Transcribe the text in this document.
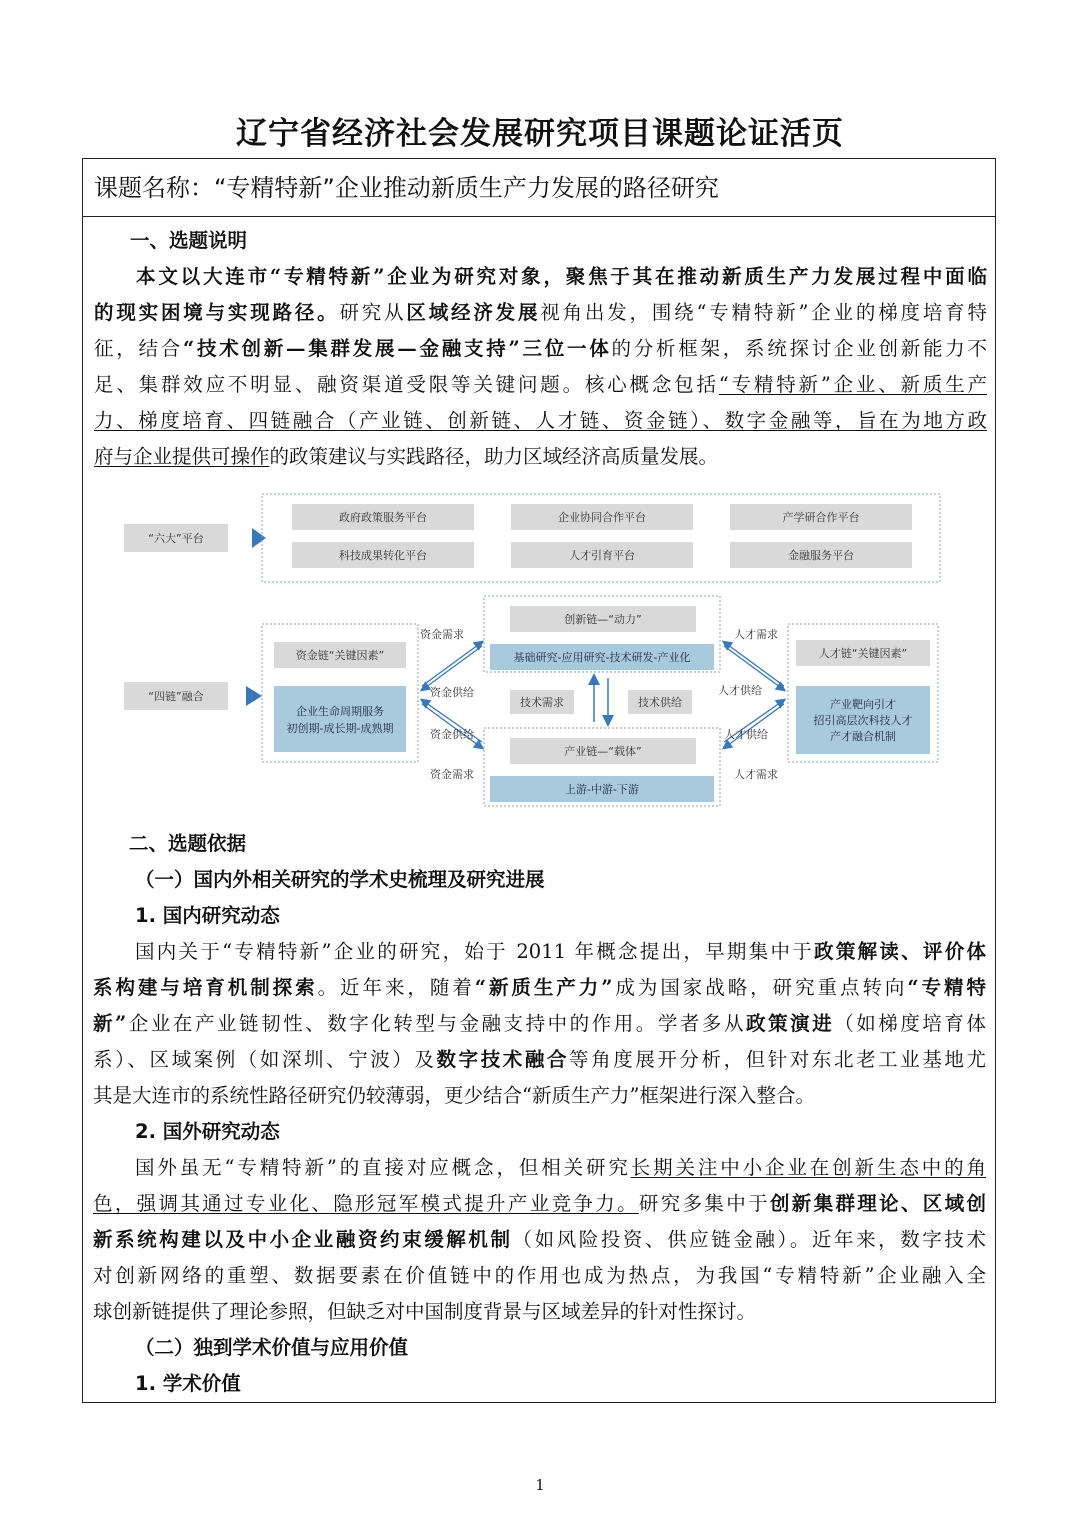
辽宁省经济社会发展研究项目课题论证活页
课题名称：“专精特新”企业推动新质生产力发展的路径研究
一、选题说明
本文以大连市“专精特新”企业为研究对象，聚焦于其在推动新质生产力发展过程中面临
的现实困境与实现路径。研究从区域经济发展视角出发，围绕“专精特新”企业的梯度培育特
征，结合“技术创新—集群发展—金融支持”三位一体的分析框架，系统探讨企业创新能力不
足、集群效应不明显、融资渠道受限等关键问题。核心概念包括“专精特新”企业、新质生产
力、梯度培育、四链融合（产业链、创新链、人才链、资金链）、数字金融等，旨在为地方政
府与企业提供可操作的政策建议与实践路径，助力区域经济高质量发展。
“六大”平台
政府政策服务平台	企业协同合作平台	产学研合作平台
科技成果转化平台	人才引育平台	金融服务平台
“四链”融合
资金链“关键因素”
企业生命周期服务
初创期-成长期-成熟期
创新链—“动力”
基础研究-应用研究-技术研发-产业化
技术需求	技术供给
产业链—“载体”
上游-中游-下游
人才链“关键因素”
产业靶向引才
招引高层次科技人才
产才融合机制
资金需求
资金供给
资金供给
资金需求
人才需求
人才供给
人才供给
人才需求
二、选题依据
（一）国内外相关研究的学术史梳理及研究进展
1. 国内研究动态
国内关于“专精特新”企业的研究，始于 2011 年概念提出，早期集中于政策解读、评价体
系构建与培育机制探索。近年来，随着“新质生产力”成为国家战略，研究重点转向“专精特
新”企业在产业链韧性、数字化转型与金融支持中的作用。学者多从政策演进（如梯度培育体
系）、区域案例（如深圳、宁波）及数字技术融合等角度展开分析，但针对东北老工业基地尤
其是大连市的系统性路径研究仍较薄弱，更少结合“新质生产力”框架进行深入整合。
2. 国外研究动态
国外虽无“专精特新”的直接对应概念，但相关研究长期关注中小企业在创新生态中的角
色，强调其通过专业化、隐形冠军模式提升产业竞争力。研究多集中于创新集群理论、区域创
新系统构建以及中小企业融资约束缓解机制（如风险投资、供应链金融）。近年来，数字技术
对创新网络的重塑、数据要素在价值链中的作用也成为热点，为我国“专精特新”企业融入全
球创新链提供了理论参照，但缺乏对中国制度背景与区域差异的针对性探讨。
（二）独到学术价值与应用价值
1. 学术价值
1
